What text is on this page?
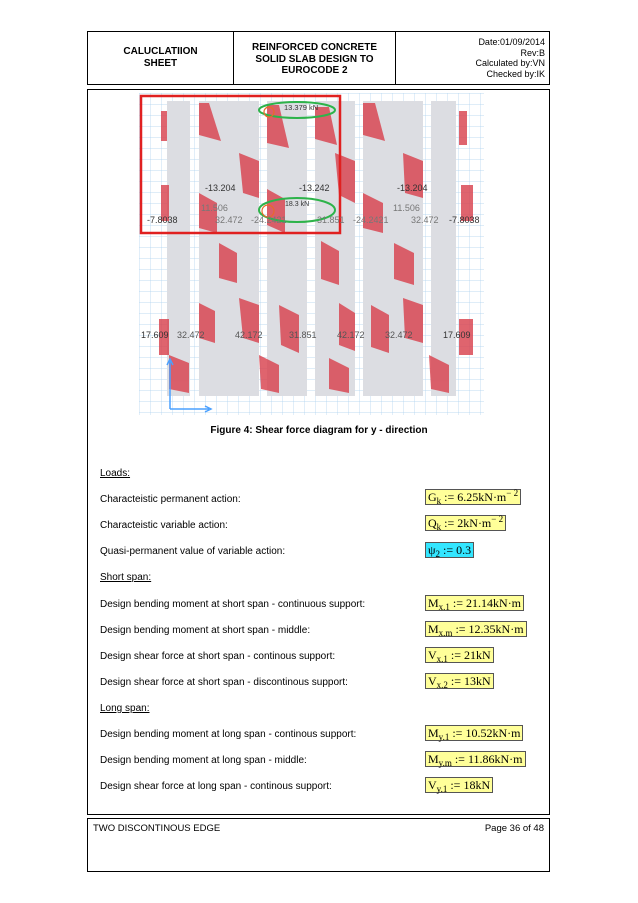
CALUCLATIION
SHEET
REINFORCED CONCRETE
SOLID SLAB DESIGN TO
EUROCODE 2
Date:01/09/2014
Rev:B
Calculated by:VN
Checked by:IK
13.379 kN
18.3 kN
-13.204	-13.242	-13.204
11.506	11.506
-7.8038	32.472 -24.2421	31.851 -24.2421 32.472 -7.8038
17.609 32.472	42.172	31.851 42.172 32.472	17.609
Figure 4: Shear force diagram for y - direction
Loads:
Characteistic permanent action:	$G_k$ := $6.25kN\cdot m^{- 2}$
Characteistic variable action:	$Q_k$ := $2kN\cdot m^{- 2}$
Quasi-permanent value of variable action:	$\psi_2$ := 0.3
Short span:
Design bending moment at short span - continuous support:	$M_{x.1}$ := 21.14kN·m
Design bending moment at short span - middle:	$M_{x.m}$ := 12.35kN·m
Design shear force at short span - continous support:	$V_{x.1}$ := 21kN
Design shear force at short span - discontinous support:	$V_{x.2}$ := 13kN
Long span:
Design bending moment at long span - continous support:	$M_{y.1}$ := 10.52kN·m
Design bending moment at long span - middle:	$M_{y.m}$ := 11.86kN·m
Design shear force at long span - continous support:	$V_{y.1}$ := 18kN
TWO DISCONTINOUS EDGE	Page 36 of 48
